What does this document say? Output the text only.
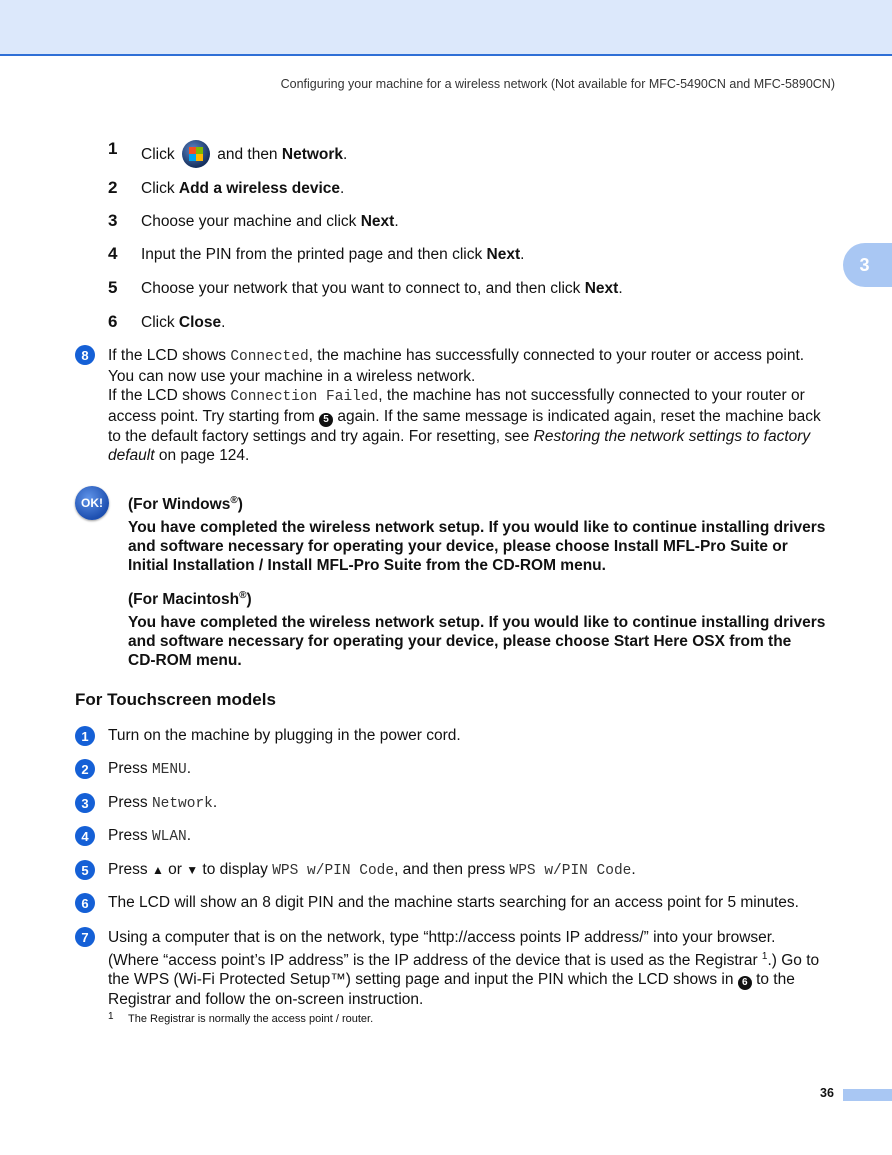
Configuring your machine for a wireless network (Not available for MFC-5490CN and MFC-5890CN)
3
1 Click	and then Network.
2 Click Add a wireless device.
3 Choose your machine and click Next.
4 Input the PIN from the printed page and then click Next.
5 Choose your network that you want to connect to, and then click Next.
6 Click Close.
8	If the LCD shows Connected, the machine has successfully connected to your router or access point.
You can now use your machine in a wireless network.
If the LCD shows Connection Failed, the machine has not successfully connected to your router or
access point. Try starting from 5 again. If the same message is indicated again, reset the machine back
to the default factory settings and try again. For resetting, see Restoring the network settings to factory
default on page 124.
OK!	(For Windows®)
You have completed the wireless network setup. If you would like to continue installing drivers
and software necessary for operating your device, please choose Install MFL-Pro Suite or
Initial Installation / Install MFL-Pro Suite from the CD-ROM menu.
(For Macintosh®)
You have completed the wireless network setup. If you would like to continue installing drivers
and software necessary for operating your device, please choose Start Here OSX from the
CD-ROM menu.
For Touchscreen models
1	Turn on the machine by plugging in the power cord.
2	Press MENU.
3	Press Network.
4	Press WLAN.
5	Press ▲ or ▼ to display WPS w/PIN Code, and then press WPS w/PIN Code.
6	The LCD will show an 8 digit PIN and the machine starts searching for an access point for 5 minutes.
7	Using a computer that is on the network, type “http://access points IP address/” into your browser.
(Where “access point’s IP address” is the IP address of the device that is used as the Registrar $^1$.) Go to
the WPS (Wi-Fi Protected Setup™) setting page and input the PIN which the LCD shows in 6 to the
Registrar and follow the on-screen instruction.
1 The Registrar is normally the access point / router.
36
